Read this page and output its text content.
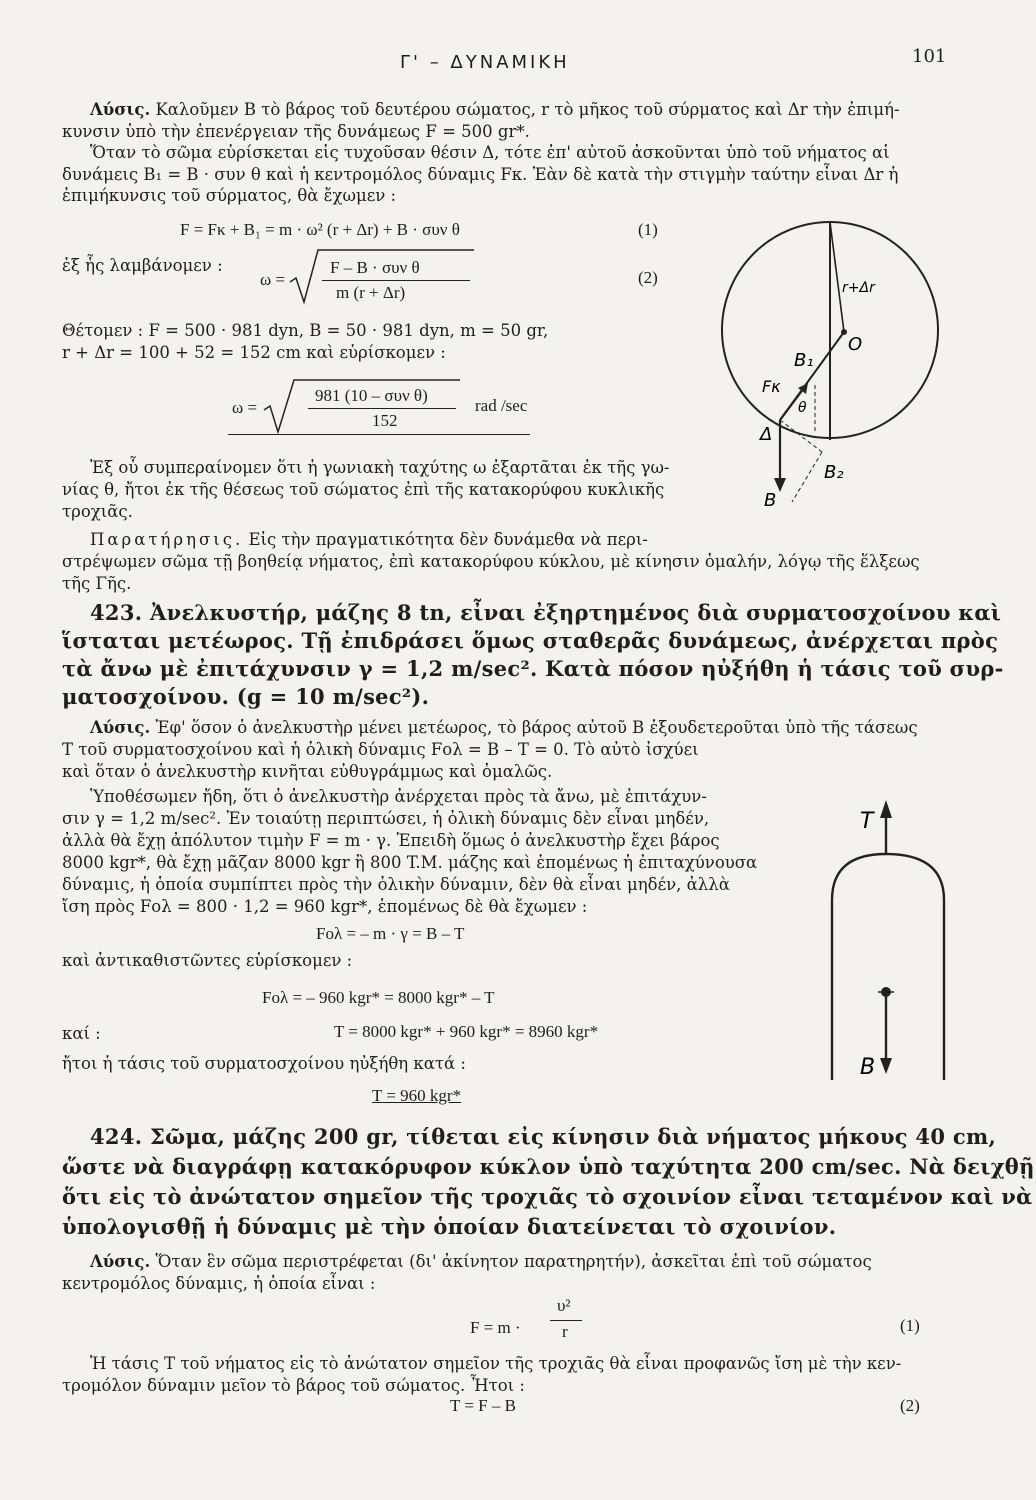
Γ' – ΔΥΝΑΜΙΚΗ	101
Λύσις. Καλοῦμεν B τὸ βάρος τοῦ δευτέρου σώματος, r τὸ μῆκος τοῦ σύρματος καὶ Δr τὴν ἐπιμή-
κυνσιν ὑπὸ τὴν ἐπενέργειαν τῆς δυνάμεως F = 500 gr*.
Ὅταν τὸ σῶμα εὑρίσκεται εἰς τυχοῦσαν θέσιν Δ, τότε ἐπ' αὐτοῦ ἀσκοῦνται ὑπὸ τοῦ νήματος αἱ
δυνάμεις B₁ = B · συν θ καὶ ἡ κεντρομόλος δύναμις Fκ. Ἐὰν δὲ κατὰ τὴν στιγμὴν ταύτην εἶναι Δr ἡ
ἐπιμήκυνσις τοῦ σύρματος, θὰ ἔχωμεν :
F = Fκ + B₁ = m · ω² (r + Δr) + B · συν θ	(1)
ἐξ ἧς λαμβάνομεν :
ω =
F – B · συν θ
m (r + Δr)
(2)
Θέτομεν : F = 500 · 981 dyn, B = 50 · 981 dyn, m = 50 gr,
r + Δr = 100 + 52 = 152 cm καὶ εὑρίσκομεν :
ω =
981 (10 – συν θ)
152
rad /sec
Ἐξ οὗ συμπεραίνομεν ὅτι ἡ γωνιακὴ ταχύτης ω ἐξαρτᾶται ἐκ τῆς γω-
νίας θ, ἤτοι ἐκ τῆς θέσεως τοῦ σώματος ἐπὶ τῆς κατακορύφου κυκλικῆς
τροχιᾶς.
Παρατήρησις. Εἰς τὴν πραγματικότητα δὲν δυνάμεθα νὰ περι-
στρέψωμεν σῶμα τῇ βοηθείᾳ νήματος, ἐπὶ κατακορύφου κύκλου, μὲ κίνησιν ὁμαλήν, λόγῳ τῆς ἕλξεως
τῆς Γῆς.
r+Δr
O
B₁
Fκ
θ
Δ
B₂
B
423. Ἀνελκυστήρ, μάζης 8 tn, εἶναι ἐξηρτημένος διὰ συρματοσχοίνου καὶ
ἵσταται μετέωρος. Τῇ ἐπιδράσει ὅμως σταθερᾶς δυνάμεως, ἀνέρχεται πρὸς
τὰ ἄνω μὲ ἐπιτάχυνσιν γ = 1,2 m/sec². Κατὰ πόσον ηὐξήθη ἡ τάσις τοῦ συρ-
ματοσχοίνου. (g = 10 m/sec²).
Λύσις. Ἐφ' ὅσον ὁ ἀνελκυστὴρ μένει μετέωρος, τὸ βάρος αὐτοῦ B ἐξουδετεροῦται ὑπὸ τῆς τάσεως
T τοῦ συρματοσχοίνου καὶ ἡ ὀλικὴ δύναμις Fολ = B – T = 0. Τὸ αὐτὸ ἰσχύει
καὶ ὅταν ὁ ἀνελκυστὴρ κινῆται εὐθυγράμμως καὶ ὁμαλῶς.
Ὑποθέσωμεν ἤδη, ὅτι ὁ ἀνελκυστὴρ ἀνέρχεται πρὸς τὰ ἄνω, μὲ ἐπιτάχυν-
σιν γ = 1,2 m/sec². Ἐν τοιαύτῃ περιπτώσει, ἡ ὀλικὴ δύναμις δὲν εἶναι μηδέν,
ἀλλὰ θὰ ἔχῃ ἀπόλυτον τιμὴν F = m · γ. Ἐπειδὴ ὅμως ὁ ἀνελκυστὴρ ἔχει βάρος
8000 kgr*, θὰ ἔχῃ μᾶζαν 8000 kgr ἢ 800 T.M. μάζης καὶ ἑπομένως ἡ ἐπιταχύνουσα
δύναμις, ἡ ὁποία συμπίπτει πρὸς τὴν ὀλικὴν δύναμιν, δὲν θὰ εἶναι μηδέν, ἀλλὰ
ἴση πρὸς Fολ = 800 · 1,2 = 960 kgr*, ἑπομένως δὲ θὰ ἔχωμεν :
Fολ = – m · γ = B – T
καὶ ἀντικαθιστῶντες εὑρίσκομεν :
Fολ = – 960 kgr* = 8000 kgr* – T
καί :	T = 8000 kgr* + 960 kgr* = 8960 kgr*
ἤτοι ἡ τάσις τοῦ συρματοσχοίνου ηὐξήθη κατά :
T = 960 kgr*
T
B
424. Σῶμα, μάζης 200 gr, τίθεται εἰς κίνησιν διὰ νήματος μήκους 40 cm,
ὥστε νὰ διαγράφῃ κατακόρυφον κύκλον ὑπὸ ταχύτητα 200 cm/sec. Νὰ δειχθῇ
ὅτι εἰς τὸ ἀνώτατον σημεῖον τῆς τροχιᾶς τὸ σχοινίον εἶναι τεταμένον καὶ νὰ
ὑπολογισθῇ ἡ δύναμις μὲ τὴν ὁποίαν διατείνεται τὸ σχοινίον.
Λύσις. Ὅταν ἓν σῶμα περιστρέφεται (δι' ἀκίνητον παρατηρητήν), ἀσκεῖται ἐπὶ τοῦ σώματος
κεντρομόλος δύναμις, ἡ ὁποία εἶναι :
F = m ·
υ²
r	(1)
Ἡ τάσις T τοῦ νήματος εἰς τὸ ἀνώτατον σημεῖον τῆς τροχιᾶς θὰ εἶναι προφανῶς ἴση μὲ τὴν κεν-
τρομόλον δύναμιν μεῖον τὸ βάρος τοῦ σώματος. Ἦτοι :
T = F – B	(2)
